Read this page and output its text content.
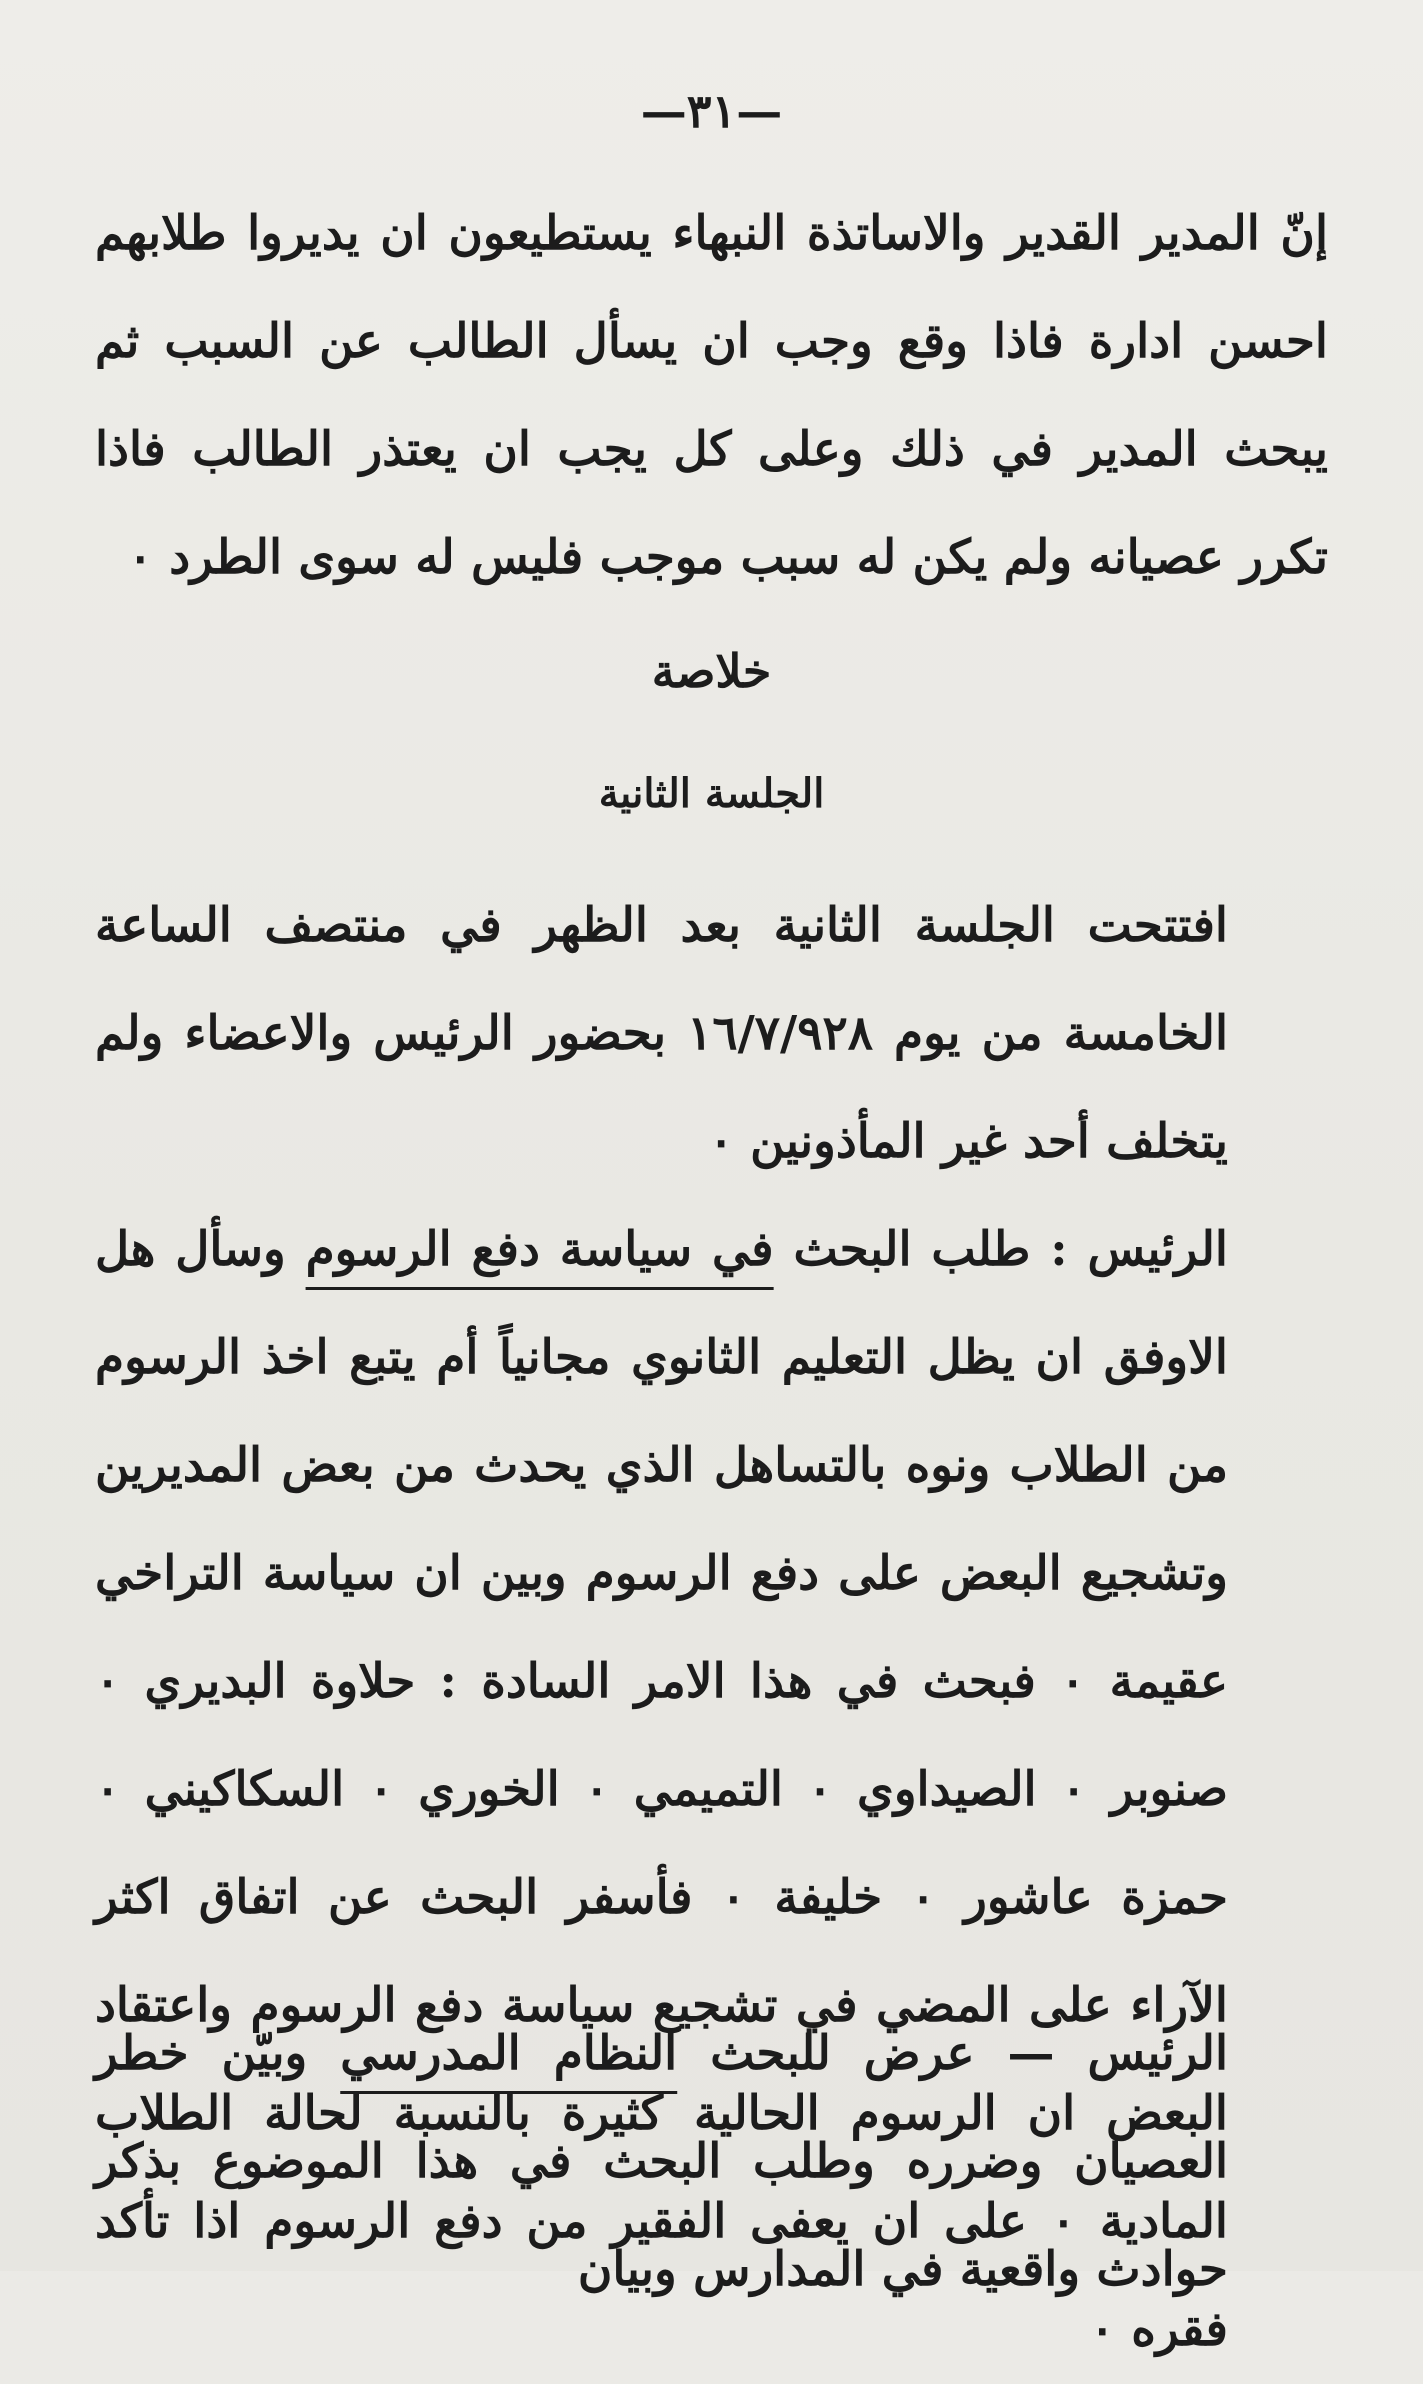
—٣١—
إنّ المدير القدير والاساتذة النبهاء يستطيعون ان يديروا طلابهم احسن ادارة فاذا وقع وجب ان يسأل الطالب عن السبب ثم يبحث المدير في ذلك وعلى كل يجب ان يعتذر الطالب فاذا تكرر عصيانه ولم يكن له سبب موجب فليس له سوى الطرد ٠
خلاصة
الجلسة الثانية
افتتحت الجلسة الثانية بعد الظهر في منتصف الساعة الخامسة من يوم ١٦/٧/٩٢٨ بحضور الرئيس والاعضاء ولم يتخلف أحد غير المأذونين ٠
الرئيس : طلب البحث في سياسة دفع الرسوم وسأل هل الاوفق ان يظل التعليم الثانوي مجانياً أم يتبع اخذ الرسوم من الطلاب ونوه بالتساهل الذي يحدث من بعض المديرين وتشجيع البعض على دفع الرسوم وبين ان سياسة التراخي عقيمة ٠ فبحث في هذا الامر السادة : حلاوة البديري ٠ صنوبر ٠ الصيداوي ٠ التميمي ٠ الخوري ٠ السكاكيني ٠ حمزة عاشور ٠ خليفة ٠ فأسفر البحث عن اتفاق اكثر الآراء على المضي في تشجيع سياسة دفع الرسوم واعتقاد البعض ان الرسوم الحالية كثيرة بالنسبة لحالة الطلاب المادية ٠ على ان يعفى الفقير من دفع الرسوم اذا تأكد فقره ٠
الرئيس — عرض للبحث النظام المدرسي وبيّن خطر العصيان وضرره وطلب البحث في هذا الموضوع بذكر حوادث واقعية في المدارس وبيان
